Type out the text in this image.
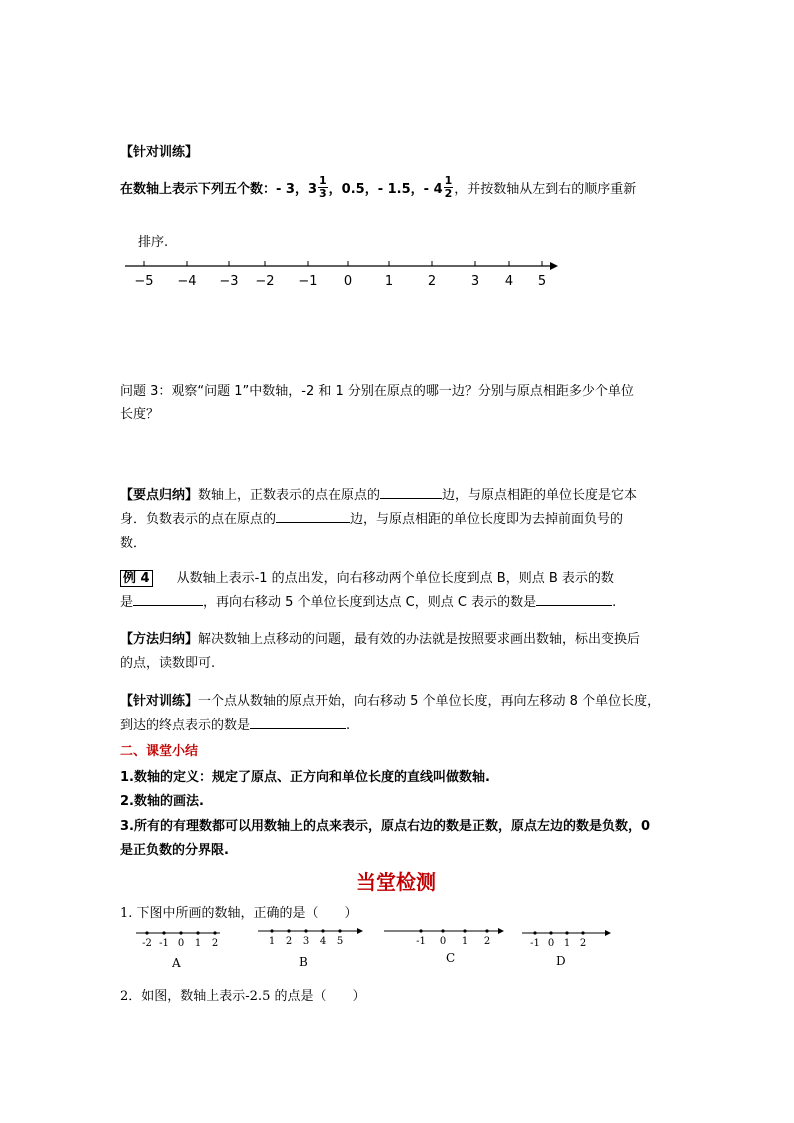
【针对训练】
在数轴上表示下列五个数：- 3，$3 \frac{1}{3}$ ，0.5，- 1.5，- $4 \frac{1}{2}$ ，并按数轴从左到右的顺序重新
排序.
−5 −4 −3 −2 −1 0	1	2	3 4 5
问题 3：观察“问题 1”中数轴，-2 和 1 分别在原点的哪一边？分别与原点相距多少个单位
长度？
【要点归纳】数轴上，正数表示的点在原点的	边，与原点相距的单位长度是它本
身．负数表示的点在原点的	边，与原点相距的单位长度即为去掉前面负号的
数．
例 4 从数轴上表示-1 的点出发，向右移动两个单位长度到点 B，则点 B 表示的数
是	，再向右移动 5 个单位长度到达点 C，则点 C 表示的数是	.
【方法归纳】解决数轴上点移动的问题，最有效的办法就是按照要求画出数轴，标出变换后
的点，读数即可.
【针对训练】一个点从数轴的原点开始，向右移动 5 个单位长度，再向左移动 8 个单位长度，
到达的终点表示的数是	.
二、课堂小结
1.数轴的定义：规定了原点、正方向和单位长度的直线叫做数轴.
2.数轴的画法.
3.所有的有理数都可以用数轴上的点来表示，原点右边的数是正数，原点左边的数是负数，0
是正负数的分界限.
当堂检测
1. 下图中所画的数轴，正确的是（　　）
-2 -1 0 1 2
A
1 2 3 4 5
B
-1 0 1 2
C
-1 0 1 2
D
2．如图，数轴上表示-2.5 的点是（　　）
